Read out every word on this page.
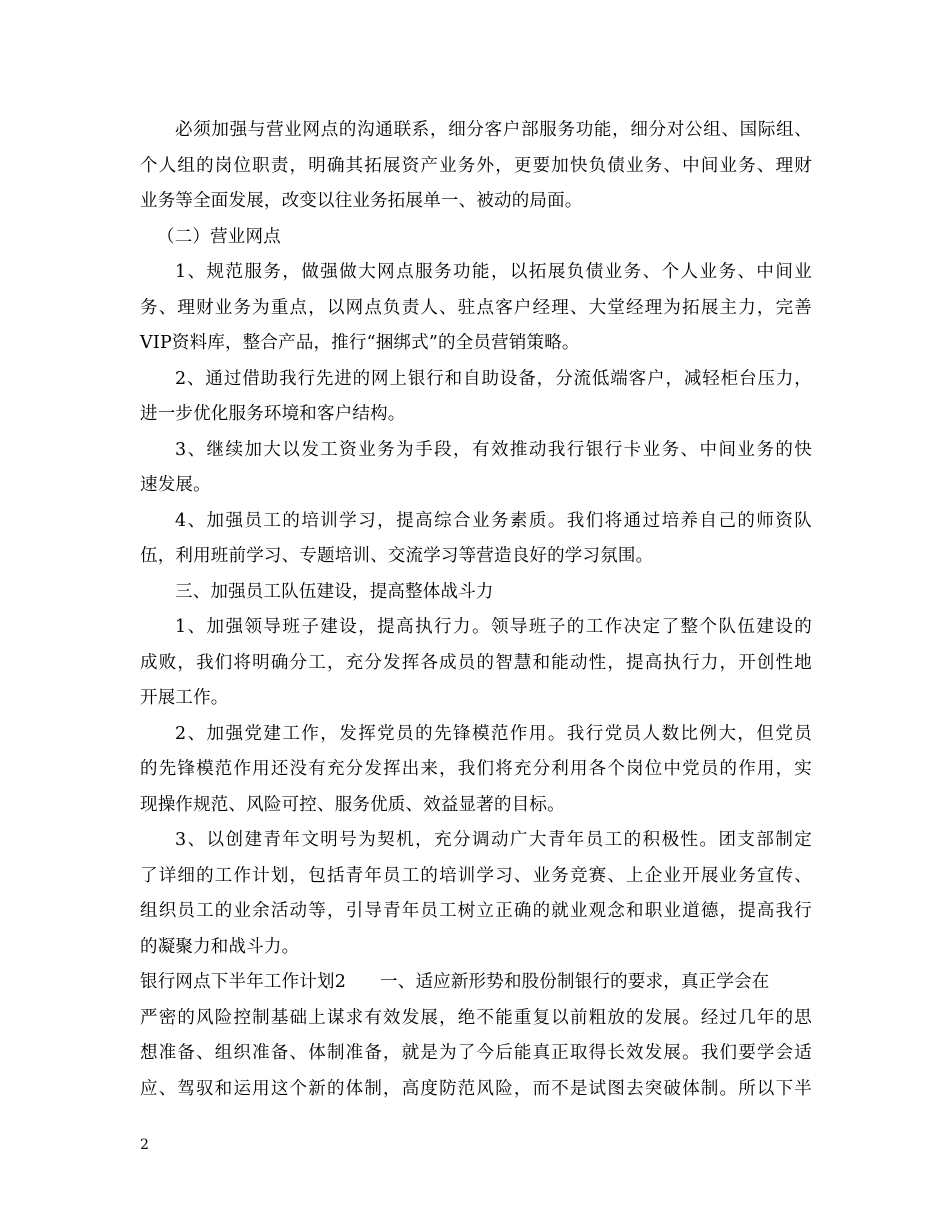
必须加强与营业网点的沟通联系，细分客户部服务功能，细分对公组、国际组、
个人组的岗位职责，明确其拓展资产业务外，更要加快负债业务、中间业务、理财
业务等全面发展，改变以往业务拓展单一、被动的局面。
（二）营业网点
1、规范服务，做强做大网点服务功能，以拓展负债业务、个人业务、中间业
务、理财业务为重点，以网点负责人、驻点客户经理、大堂经理为拓展主力，完善
VIP资料库，整合产品，推行“捆绑式”的全员营销策略。
2、通过借助我行先进的网上银行和自助设备，分流低端客户，减轻柜台压力，
进一步优化服务环境和客户结构。
3、继续加大以发工资业务为手段，有效推动我行银行卡业务、中间业务的快
速发展。
4、加强员工的培训学习，提高综合业务素质。我们将通过培养自己的师资队
伍，利用班前学习、专题培训、交流学习等营造良好的学习氛围。
三、加强员工队伍建设，提高整体战斗力
1、加强领导班子建设，提高执行力。领导班子的工作决定了整个队伍建设的
成败，我们将明确分工，充分发挥各成员的智慧和能动性，提高执行力，开创性地
开展工作。
2、加强党建工作，发挥党员的先锋模范作用。我行党员人数比例大，但党员
的先锋模范作用还没有充分发挥出来，我们将充分利用各个岗位中党员的作用，实
现操作规范、风险可控、服务优质、效益显著的目标。
3、以创建青年文明号为契机，充分调动广大青年员工的积极性。团支部制定
了详细的工作计划，包括青年员工的培训学习、业务竞赛、上企业开展业务宣传、
组织员工的业余活动等，引导青年员工树立正确的就业观念和职业道德，提高我行
的凝聚力和战斗力。
银行网点下半年工作计划2 一、适应新形势和股份制银行的要求，真正学会在
严密的风险控制基础上谋求有效发展，绝不能重复以前粗放的发展。经过几年的思
想准备、组织准备、体制准备，就是为了今后能真正取得长效发展。我们要学会适
应、驾驭和运用这个新的体制，高度防范风险，而不是试图去突破体制。所以下半
2
